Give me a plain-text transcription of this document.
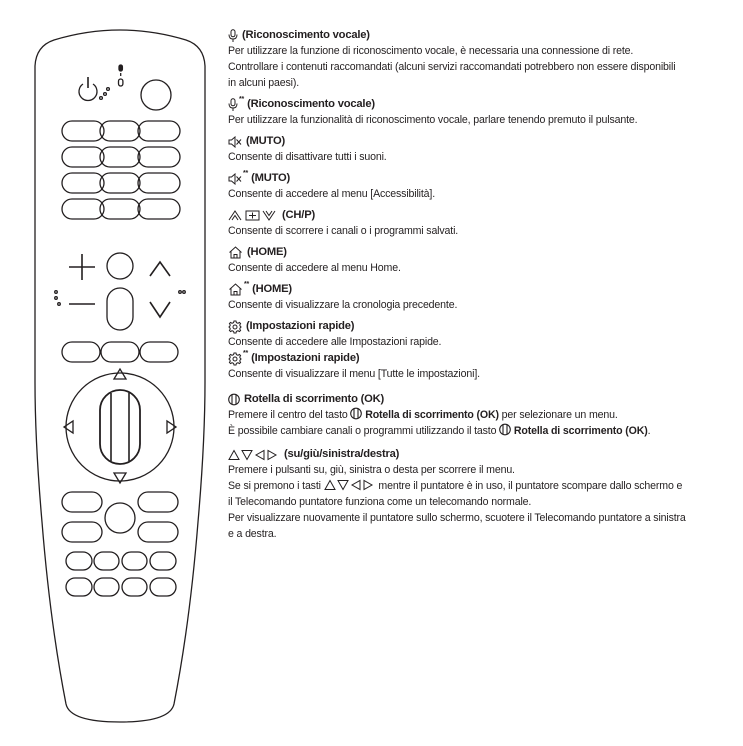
(Riconoscimento vocale)
Per utilizzare la funzione di riconoscimento vocale, è necessaria una connessione di rete.
Controllare i contenuti raccomandati (alcuni servizi raccomandati potrebbero non essere disponibili
in alcuni paesi).
** (Riconoscimento vocale)
Per utilizzare la funzionalità di riconoscimento vocale, parlare tenendo premuto il pulsante.
(MUTO)
Consente di disattivare tutti i suoni.
** (MUTO)
Consente di accedere al menu [Accessibilità].
(CH/P)
Consente di scorrere i canali o i programmi salvati.
(HOME)
Consente di accedere al menu Home.
** (HOME)
Consente di visualizzare la cronologia precedente.
(Impostazioni rapide)
Consente di accedere alle Impostazioni rapide.
** (Impostazioni rapide)
Consente di visualizzare il menu [Tutte le impostazioni].
Rotella di scorrimento (OK)
Premere il centro del tasto  Rotella di scorrimento (OK) per selezionare un menu.
È possibile cambiare canali o programmi utilizzando il tasto  Rotella di scorrimento (OK).
(su/giù/sinistra/destra)
Premere i pulsanti su, giù, sinistra o desta per scorrere il menu.
Se si premono i tasti	mentre il puntatore è in uso, il puntatore scompare dallo schermo e
il Telecomando puntatore funziona come un telecomando normale.
Per visualizzare nuovamente il puntatore sullo schermo, scuotere il Telecomando puntatore a sinistra
e a destra.
